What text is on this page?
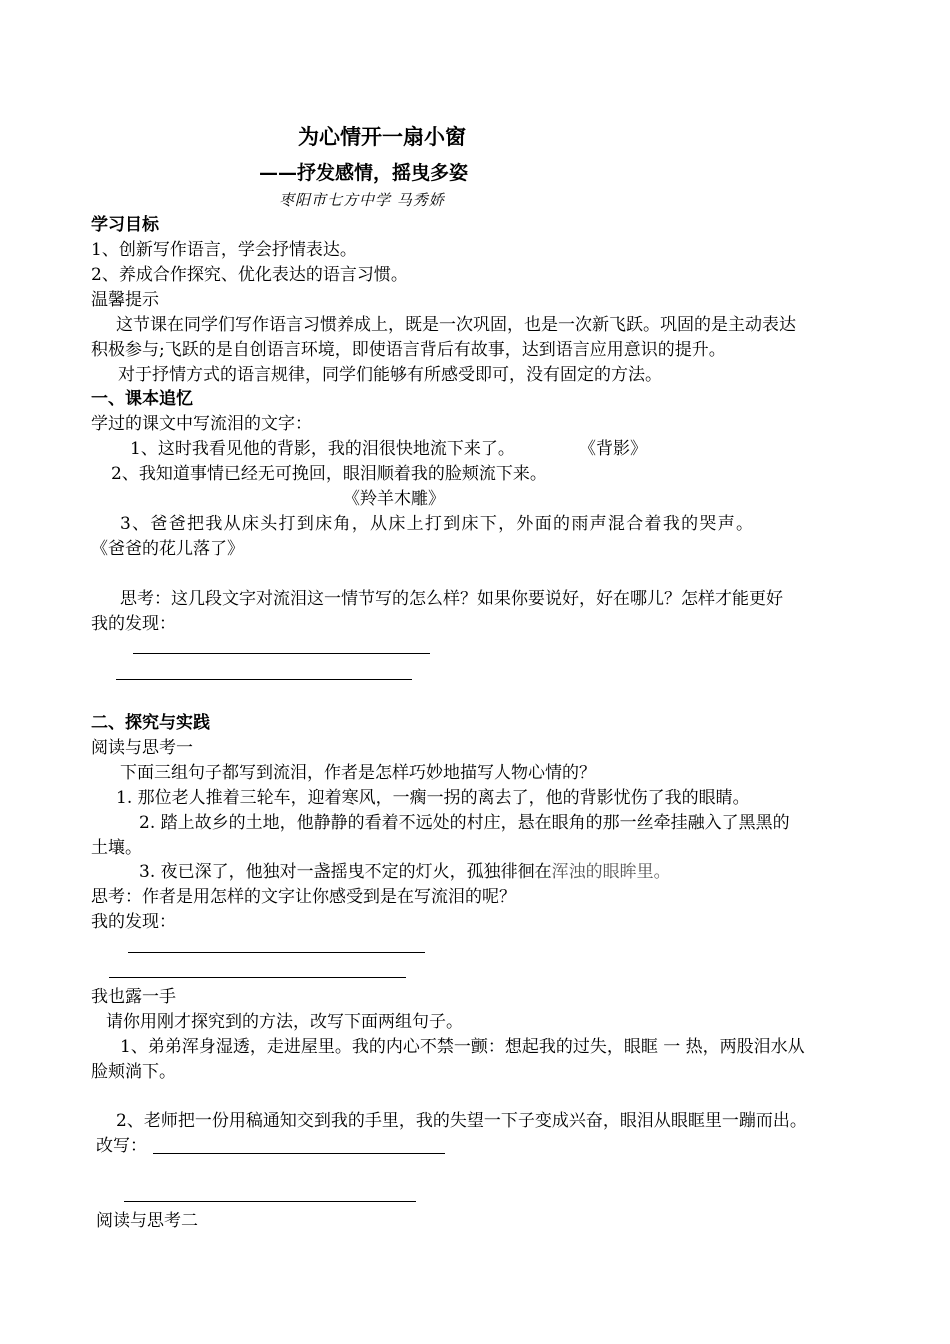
为心情开一扇小窗
——抒发感情，摇曳多姿
枣阳市七方中学 马秀娇
学习目标
1、创新写作语言，学会抒情表达。
2、养成合作探究、优化表达的语言习惯。
温馨提示
这节课在同学们写作语言习惯养成上，既是一次巩固，也是一次新飞跃。巩固的是主动表达
积极参与;飞跃的是自创语言环境，即使语言背后有故事，达到语言应用意识的提升。
对于抒情方式的语言规律，同学们能够有所感受即可，没有固定的方法。
一、课本追忆
学过的课文中写流泪的文字：
1、这时我看见他的背影，我的泪很快地流下来了。	《背影》
2、我知道事情已经无可挽回，眼泪顺着我的脸颊流下来。
《羚羊木雕》
3、爸爸把我从床头打到床角，从床上打到床下，外面的雨声混合着我的哭声。
《爸爸的花儿落了》
思考：这几段文字对流泪这一情节写的怎么样？如果你要说好，好在哪儿？怎样才能更好
我的发现：
二、探究与实践
阅读与思考一
下面三组句子都写到流泪，作者是怎样巧妙地描写人物心情的？
1. 那位老人推着三轮车，迎着寒风，一瘸一拐的离去了，他的背影忧伤了我的眼睛。
2. 踏上故乡的土地，他静静的看着不远处的村庄，悬在眼角的那一丝牵挂融入了黑黑的
土壤。
3. 夜已深了，他独对一盏摇曳不定的灯火，孤独徘徊在浑浊的眼眸里。
思考：作者是用怎样的文字让你感受到是在写流泪的呢？
我的发现：
我也露一手
请你用刚才探究到的方法，改写下面两组句子。
1、弟弟浑身湿透，走进屋里。我的内心不禁一颤：想起我的过失，眼眶 一 热，两股泪水从
脸颊淌下。
2、老师把一份用稿通知交到我的手里，我的失望一下子变成兴奋，眼泪从眼眶里一蹦而出。
改写：
阅读与思考二
